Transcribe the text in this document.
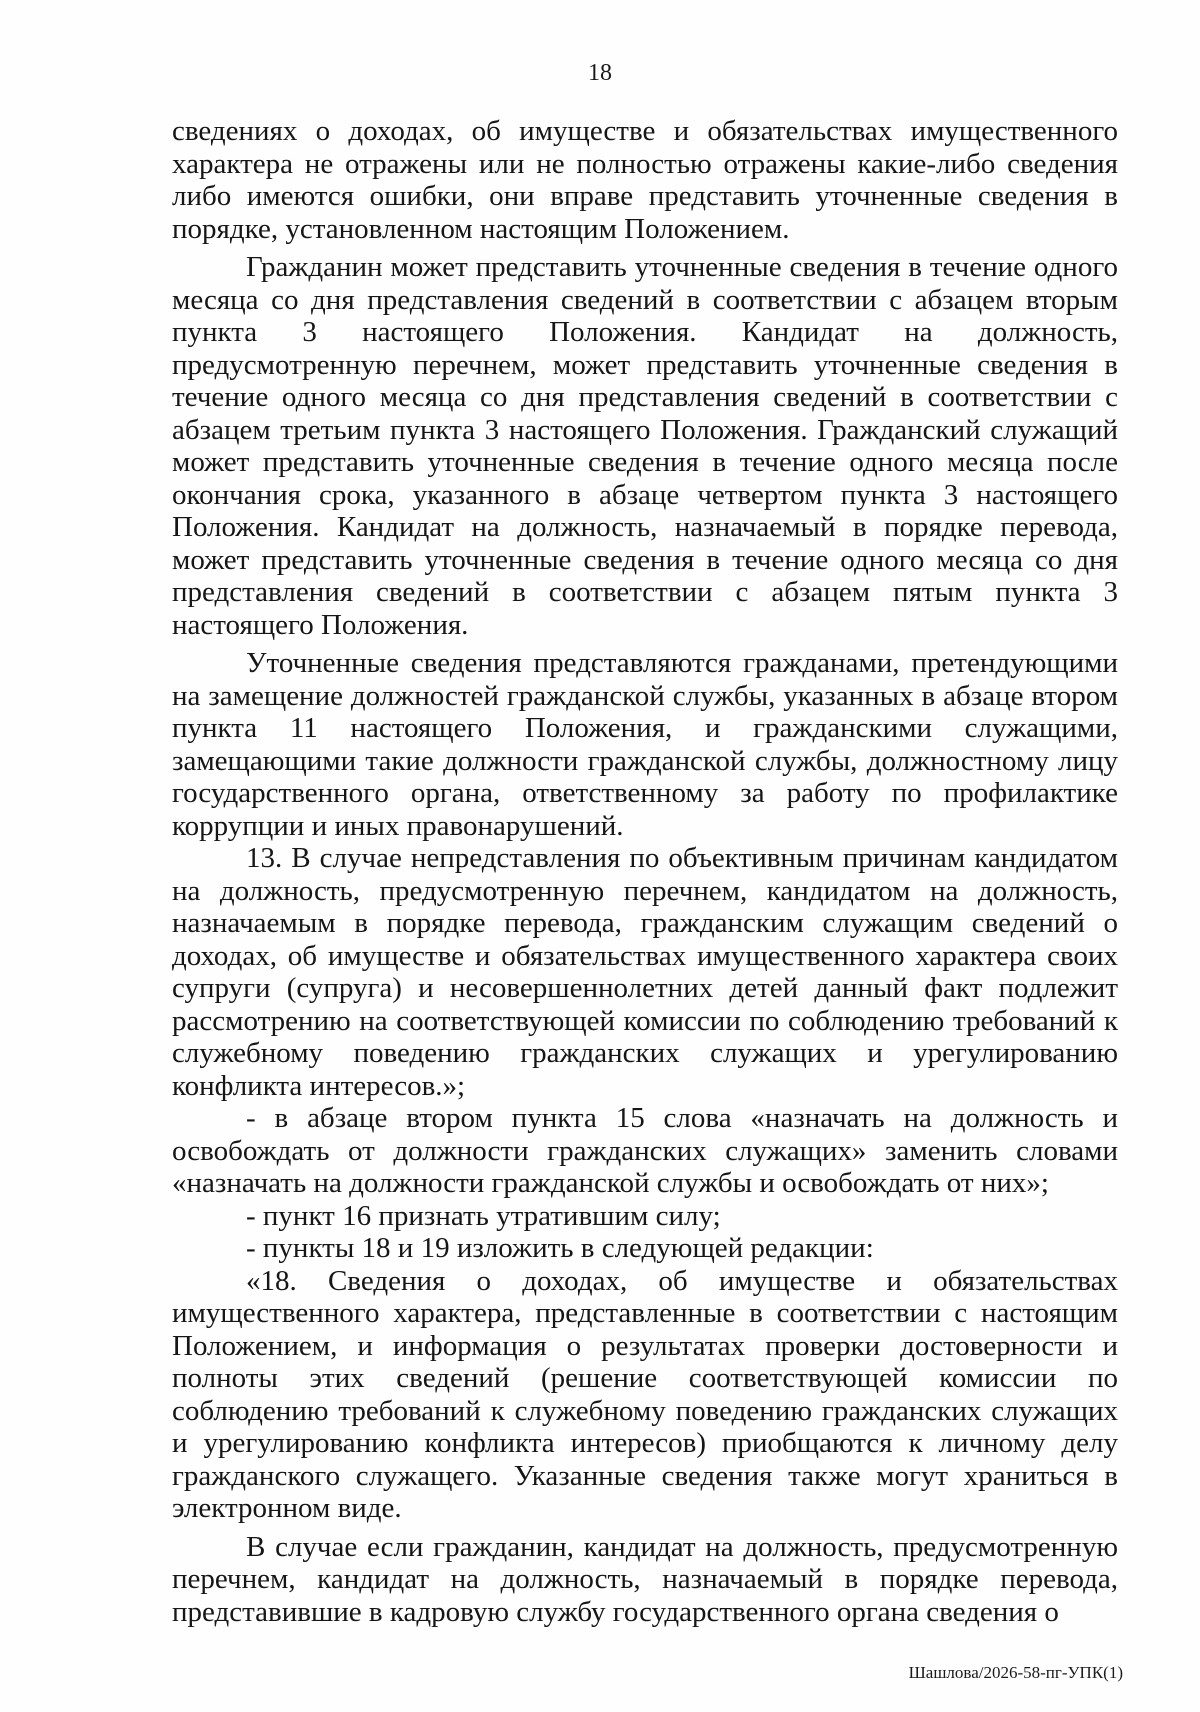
18

сведениях о доходах, об имуществе и обязательствах имущественного характера не отражены или не полностью отражены какие-либо сведения либо имеются ошибки, они вправе представить уточненные сведения в порядке, установленном настоящим Положением.

Гражданин может представить уточненные сведения в течение одного месяца со дня представления сведений в соответствии с абзацем вторым пункта 3 настоящего Положения. Кандидат на должность, предусмотренную перечнем, может представить уточненные сведения в течение одного месяца со дня представления сведений в соответствии с абзацем третьим пункта 3 настоящего Положения. Гражданский служащий может представить уточненные сведения в течение одного месяца после окончания срока, указанного в абзаце четвертом пункта 3 настоящего Положения. Кандидат на должность, назначаемый в порядке перевода, может представить уточненные сведения в течение одного месяца со дня представления сведений в соответствии с абзацем пятым пункта 3 настоящего Положения.

Уточненные сведения представляются гражданами, претендующими на замещение должностей гражданской службы, указанных в абзаце втором пункта 11 настоящего Положения, и гражданскими служащими, замещающими такие должности гражданской службы, должностному лицу государственного органа, ответственному за работу по профилактике коррупции и иных правонарушений.

13. В случае непредставления по объективным причинам кандидатом на должность, предусмотренную перечнем, кандидатом на должность, назначаемым в порядке перевода, гражданским служащим сведений о доходах, об имуществе и обязательствах имущественного характера своих супруги (супруга) и несовершеннолетних детей данный факт подлежит рассмотрению на соответствующей комиссии по соблюдению требований к служебному поведению гражданских служащих и урегулированию конфликта интересов.»;

- в абзаце втором пункта 15 слова «назначать на должность и освобождать от должности гражданских служащих» заменить словами «назначать на должности гражданской службы и освобождать от них»;

- пункт 16 признать утратившим силу;

- пункты 18 и 19 изложить в следующей редакции:

«18. Сведения о доходах, об имуществе и обязательствах имущественного характера, представленные в соответствии с настоящим Положением, и информация о результатах проверки достоверности и полноты этих сведений (решение соответствующей комиссии по соблюдению требований к служебному поведению гражданских служащих и урегулированию конфликта интересов) приобщаются к личному делу гражданского служащего. Указанные сведения также могут храниться в электронном виде.

В случае если гражданин, кандидат на должность, предусмотренную перечнем, кандидат на должность, назначаемый в порядке перевода, представившие в кадровую службу государственного органа сведения о

Шашлова/2026-58-пг-УПК(1)
